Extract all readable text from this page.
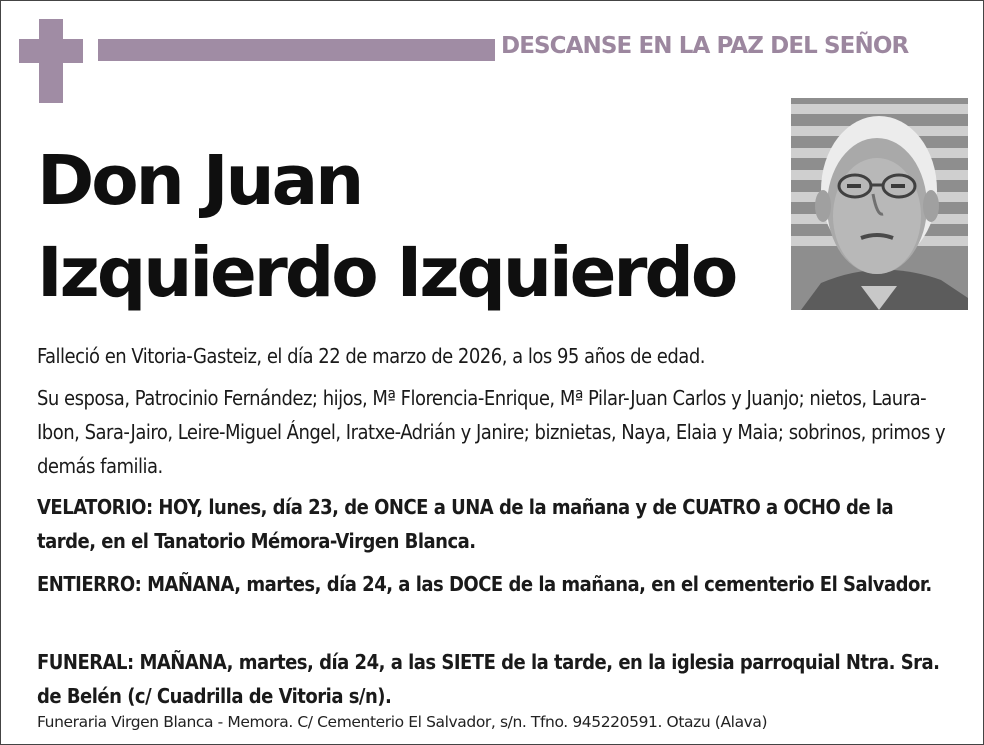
DESCANSE EN LA PAZ DEL SEÑOR
Don Juan
Izquierdo Izquierdo
Falleció en Vitoria-Gasteiz, el día 22 de marzo de 2026, a los 95 años de edad.
Su esposa, Patrocinio Fernández; hijos, Mª Florencia-Enrique, Mª Pilar-Juan Carlos y Juanjo; nietos, Laura-Ibon, Sara-Jairo, Leire-Miguel Ángel, Iratxe-Adrián y Janire; biznietas, Naya, Elaia y Maia; sobrinos, primos y demás familia.
VELATORIO: HOY, lunes, día 23, de ONCE a UNA de la mañana y de CUATRO a OCHO de la tarde, en el Tanatorio Mémora-Virgen Blanca.
ENTIERRO: MAÑANA, martes, día 24, a las DOCE de la mañana, en el cementerio El Salvador.
FUNERAL: MAÑANA, martes, día 24, a las SIETE de la tarde, en la iglesia parroquial Ntra. Sra. de Belén (c/ Cuadrilla de Vitoria s/n).
Funeraria Virgen Blanca - Memora. C/ Cementerio El Salvador, s/n. Tfno. 945220591. Otazu (Alava)
